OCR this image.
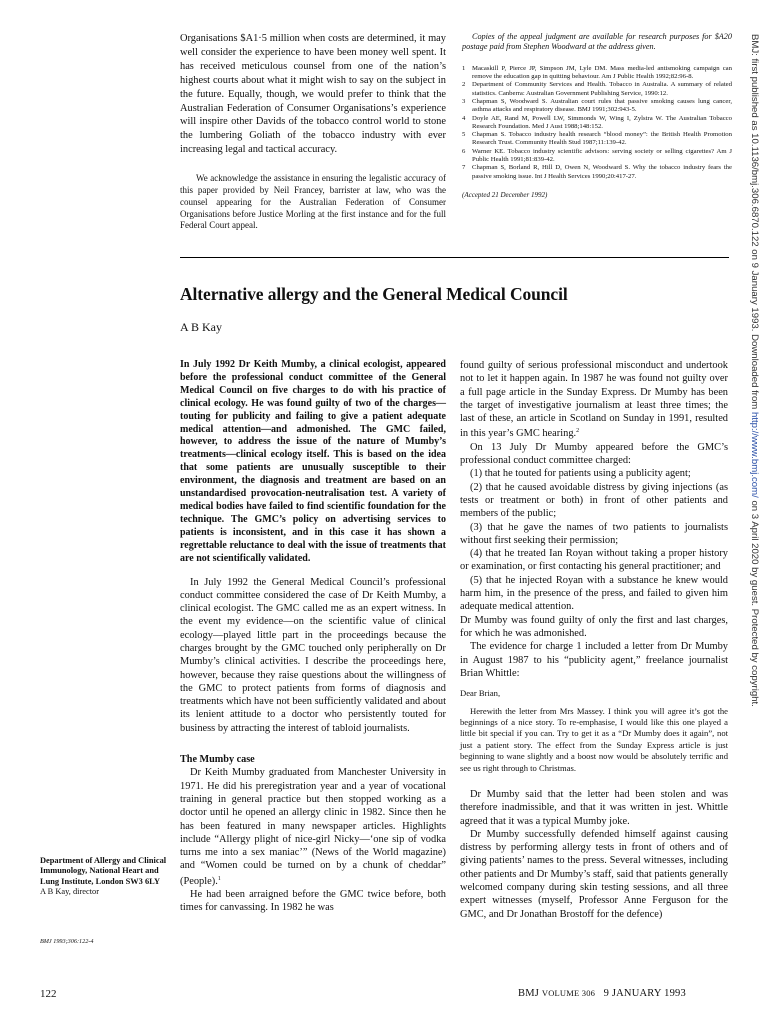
Organisations $A1·5 million when costs are determined, it may well consider the experience to have been money well spent. It has received meticulous counsel from one of the nation’s highest courts about what it might wish to say on the subject in the future. Equally, though, we would prefer to think that the Australian Federation of Consumer Organisations’s experience will inspire other Davids of the tobacco control world to stone the lumbering Goliath of the tobacco industry with ever increasing legal and tactical accuracy.

We acknowledge the assistance in ensuring the legalistic accuracy of this paper provided by Neil Francey, barrister at law, who was the counsel appearing for the Australian Federation of Consumer Organisations before Justice Morling at the first instance and for the full Federal Court appeal.

Copies of the appeal judgment are available for research purposes for $A20 postage paid from Stephen Woodward at the address given.

1 Macaskill P, Pierce JP, Simpson JM, Lyle DM. Mass media-led antismoking campaign can remove the education gap in quitting behaviour. Am J Public Health 1992;82:96-8.
2 Department of Community Services and Health. Tobacco in Australia. A summary of related statistics. Canberra: Australian Government Publishing Service, 1990:12.
3 Chapman S, Woodward S. Australian court rules that passive smoking causes lung cancer, asthma attacks and respiratory disease. BMJ 1991;302:943-5.
4 Doyle AE, Rand M, Powell LW, Simmonds W, Wing I, Zylstra W. The Australian Tobacco Research Foundation. Med J Aust 1988;148:152.
5 Chapman S. Tobacco industry health research “blood money”: the British Health Promotion Research Trust. Community Health Stud 1987;11:139-42.
6 Warner KE. Tobacco industry scientific advisors: serving society or selling cigarettes? Am J Public Health 1991;81:839-42.
7 Chapman S, Borland R, Hill D, Owen N, Woodward S. Why the tobacco industry fears the passive smoking issue. Int J Health Services 1990;20:417-27.

(Accepted 21 December 1992)

Alternative allergy and the General Medical Council
A B Kay

In July 1992 Dr Keith Mumby, a clinical ecologist, appeared before the professional conduct committee of the General Medical Council on five charges to do with his practice of clinical ecology. He was found guilty of two of the charges—touting for publicity and failing to give a patient adequate medical attention—and admonished. The GMC failed, however, to address the issue of the nature of Mumby’s treatments—clinical ecology itself. This is based on the idea that some patients are unusually susceptible to their environment, the diagnosis and treatment are based on an unstandardised provocation-neutralisation test. A variety of medical bodies have failed to find scientific foundation for the technique. The GMC’s policy on advertising services to patients is inconsistent, and in this case it has shown a regrettable reluctance to deal with the issue of treatments that are not scientifically validated.

In July 1992 the General Medical Council’s professional conduct committee considered the case of Dr Keith Mumby, a clinical ecologist. The GMC called me as an expert witness. In the event my evidence—on the scientific value of clinical ecology—played little part in the proceedings because the charges brought by the GMC touched only peripherally on Dr Mumby’s clinical activities. I describe the proceedings here, however, because they raise questions about the willingness of the GMC to protect patients from forms of diagnosis and treatments which have not been sufficiently validated and about its lenient attitude to a doctor who persistently touted for business by attracting the interest of tabloid journalists.

The Mumby case

Dr Keith Mumby graduated from Manchester University in 1971. He did his preregistration year and a year of vocational training in general practice but then stopped working as a doctor until he opened an allergy clinic in 1982. Since then he has been featured in many newspaper articles. Highlights include “Allergy plight of nice-girl Nicky—‘one sip of vodka turns me into a sex maniac’” (News of the World magazine) and “Women could be turned on by a chunk of cheddar” (People).$^1$

He had been arraigned before the GMC twice before, both times for canvassing. In 1982 he was

found guilty of serious professional misconduct and undertook not to let it happen again. In 1987 he was found not guilty over a full page article in the Sunday Express. Dr Mumby has been the target of investigative journalism at least three times; the last of these, an article in Scotland on Sunday in 1991, resulted in this year’s GMC hearing.$^2$

On 13 July Dr Mumby appeared before the GMC’s professional conduct committee charged:

(1) that he touted for patients using a publicity agent;

(2) that he caused avoidable distress by giving injections (as tests or treatment or both) in front of other patients and members of the public;

(3) that he gave the names of two patients to journalists without first seeking their permission;

(4) that he treated Ian Royan without taking a proper history or examination, or first contacting his general practitioner; and

(5) that he injected Royan with a substance he knew would harm him, in the presence of the press, and failed to given him adequate medical attention.

Dr Mumby was found guilty of only the first and last charges, for which he was admonished.

The evidence for charge 1 included a letter from Dr Mumby in August 1987 to his “publicity agent,” freelance journalist Brian Whittle:

Dear Brian,

Herewith the letter from Mrs Massey. I think you will agree it’s got the beginnings of a nice story. To re-emphasise, I would like this one played a little bit special if you can. Try to get it as a “Dr Mumby does it again”, not just a patient story. The effect from the Sunday Express article is just beginning to wane slightly and a boost now would be absolutely terrific and see us right through to Christmas.

Dr Mumby said that the letter had been stolen and was therefore inadmissible, and that it was written in jest. Whittle agreed that it was a typical Mumby joke.

Dr Mumby successfully defended himself against causing distress by performing allergy tests in front of others and of giving patients’ names to the press. Several witnesses, including other patients and Dr Mumby’s staff, said that patients generally welcomed company during skin testing sessions, and all three expert witnesses (myself, Professor Anne Ferguson for the GMC, and Dr Jonathan Brostoff for the defence)

Department of Allergy and Clinical Immunology, National Heart and Lung Institute, London SW3 6LY
A B Kay, director
BMJ 1993;306:122-4
122	BMJ VOLUME 306 9 JANUARY 1993
BMJ: first published as 10.1136/bmj.306.6870.122 on 9 January 1993. Downloaded from http://www.bmj.com/ on 3 April 2020 by guest. Protected by copyright.
